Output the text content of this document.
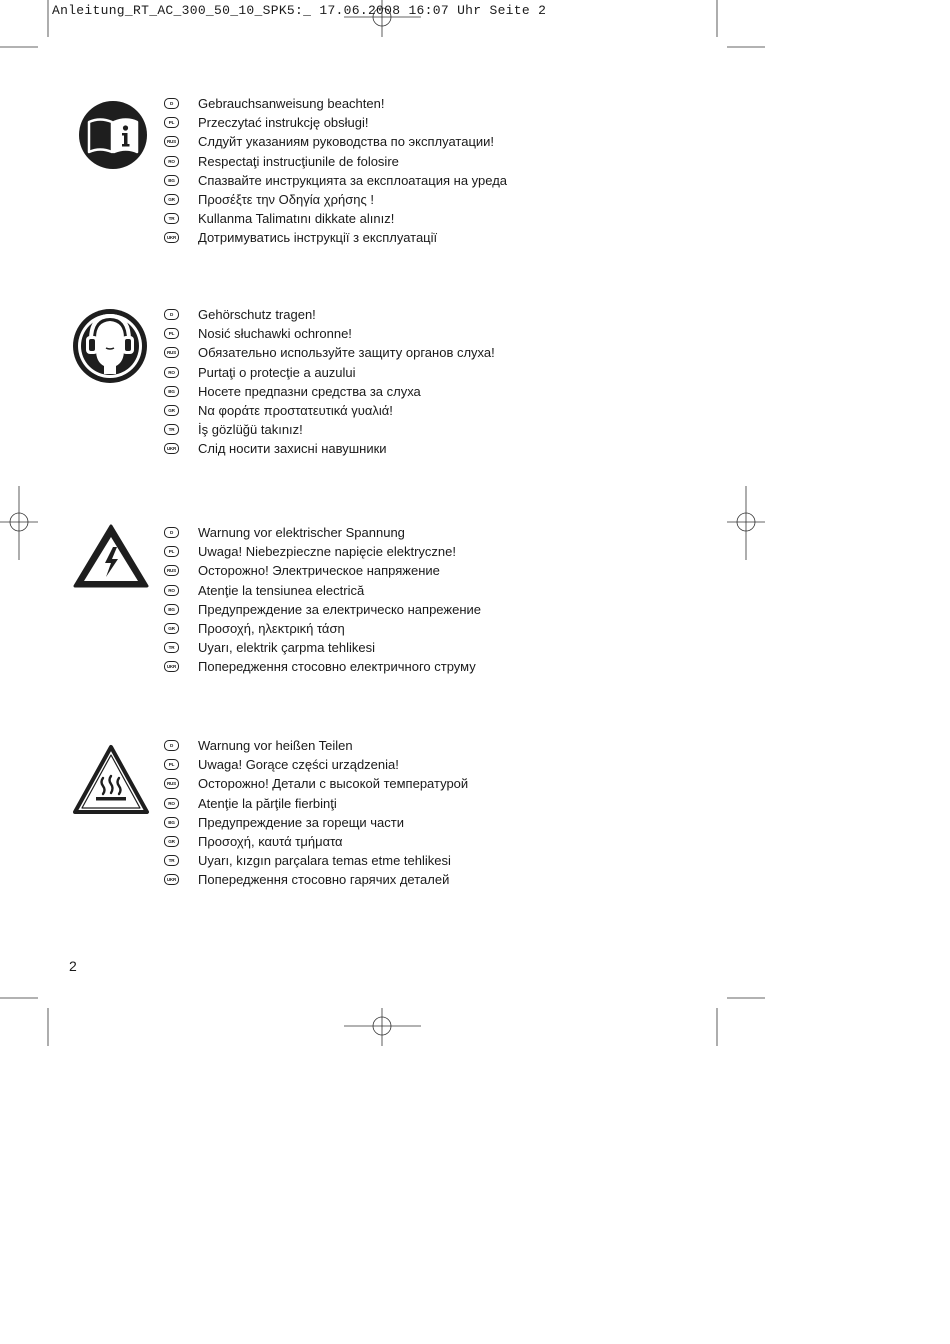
Anleitung_RT_AC_300_50_10_SPK5:_ 17.06.2008 16:07 Uhr Seite 2
D	Gebrauchsanweisung beachten!
PL	Przeczytać instrukcję obsługi!
RUS Слдуйт указаниям руководства по эксплуатации!
RO	Respectaţi instrucţiunile de folosire
BG	Спазвайте инструкцията за експлоатация на уреда
GR	Προσέξτε την Οδηγία χρήσης !
TR	Kullanma Talimatını dikkate alınız!
UKR Дотримуватись інструкції з експлуатації
D	Gehörschutz tragen!
PL	Nosić słuchawki ochronne!
RUS Обязательно используйте защиту органов слуха!
RO	Purtaţi o protecţie a auzului
BG	Носете предпазни средства за слуха
GR	Να φοράτε προστατευτικά γυαλιά!
TR	İş gözlüğü takınız!
UKR Слід носити захисні навушники
D	Warnung vor elektrischer Spannung
PL	Uwaga! Niebezpieczne napięcie elektryczne!
RUS Осторожно! Электрическое напряжение
RO	Atenţie la tensiunea electrică
BG	Предупреждение за електрическо напрежение
GR	Προσοχή, ηλεκτρική τάση
TR	Uyarı, elektrik çarpma tehlikesi
UKR Попередження стосовно електричного струму
D	Warnung vor heißen Teilen
PL	Uwaga! Gorące części urządzenia!
RUS Осторожно! Детали с высокой температурой
RO	Atenţie la părţile fierbinţi
BG	Предупреждение за горещи части
GR	Προσοχή, καυτά τμήματα
TR	Uyarı, kızgın parçalara temas etme tehlikesi
UKR Попередження стосовно гарячих деталей
2
